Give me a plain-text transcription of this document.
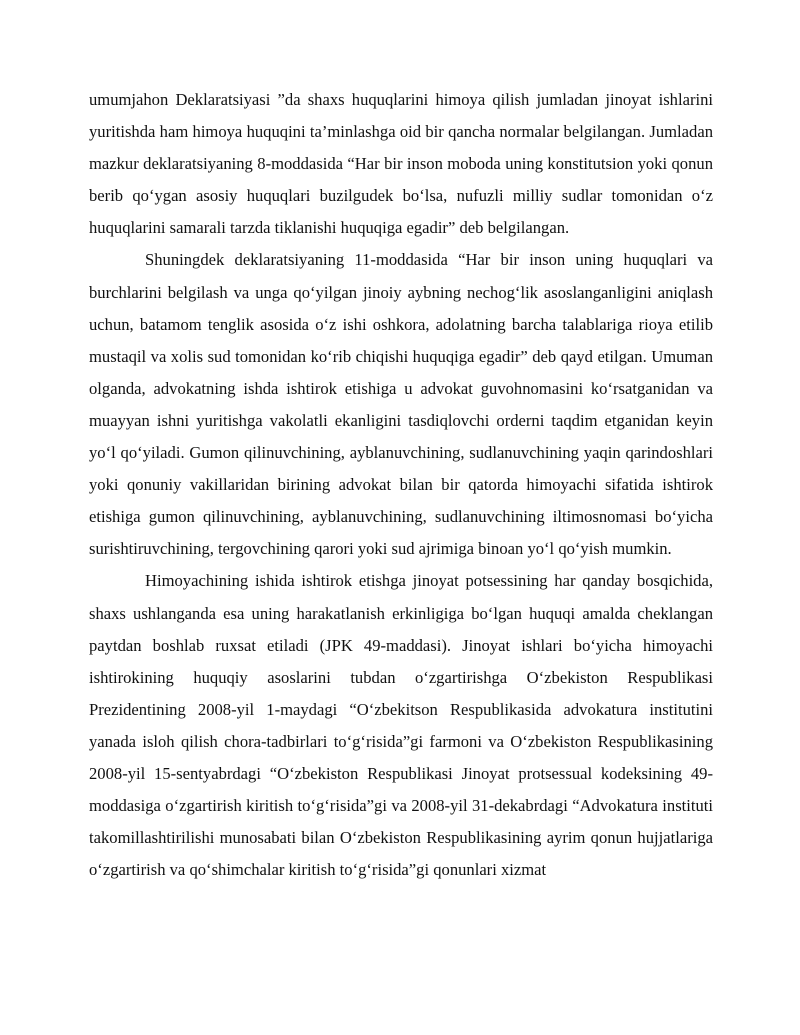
umumjahon Deklaratsiyasi ”da shaxs huquqlarini himoya qilish jumladan jinoyat ishlarini yuritishda ham himoya huquqini ta’minlashga oid bir qancha normalar belgilangan. Jumladan mazkur deklaratsiyaning 8-moddasida “Har bir inson moboda uning konstitutsion yoki qonun berib qo‘ygan asosiy huquqlari buzilgudek bo‘lsa, nufuzli milliy sudlar tomonidan o‘z huquqlarini samarali tarzda tiklanishi huquqiga egadir” deb belgilangan.

Shuningdek deklaratsiyaning 11-moddasida “Har bir inson uning huquqlari va burchlarini belgilash va unga qo‘yilgan jinoiy aybning nechog‘lik asoslanganligini aniqlash uchun, batamom tenglik asosida o‘z ishi oshkora, adolatning barcha talablariga rioya etilib mustaqil va xolis sud tomonidan ko‘rib chiqishi huquqiga egadir” deb qayd etilgan. Umuman olganda, advokatning ishda ishtirok etishiga u advokat guvohnomasini ko‘rsatganidan va muayyan ishni yuritishga vakolatli ekanligini tasdiqlovchi orderni taqdim etganidan keyin yo‘l qo‘yiladi. Gumon qilinuvchining, ayblanuvchining, sudlanuvchining yaqin qarindoshlari yoki qonuniy vakillaridan birining advokat bilan bir qatorda himoyachi sifatida ishtirok etishiga gumon qilinuvchining, ayblanuvchining, sudlanuvchining iltimosnomasi bo‘yicha surishtiruvchining, tergovchining qarori yoki sud ajrimiga binoan yo‘l qo‘yish mumkin.

Himoyachining ishida ishtirok etishga jinoyat potsessining har qanday bosqichida, shaxs ushlanganda esa uning harakatlanish erkinligiga bo‘lgan huquqi amalda cheklangan paytdan boshlab ruxsat etiladi (JPK 49-maddasi). Jinoyat ishlari bo‘yicha himoyachi ishtirokining huquqiy asoslarini tubdan o‘zgartirishga O‘zbekiston Respublikasi Prezidentining 2008-yil 1-maydagi “O‘zbekitson Respublikasida advokatura institutini yanada isloh qilish chora-tadbirlari to‘g‘risida”gi farmoni va O‘zbekiston Respublikasining 2008-yil 15-sentyabrdagi “O‘zbekiston Respublikasi Jinoyat protsessual kodeksining 49-moddasiga o‘zgartirish kiritish to‘g‘risida”gi va 2008-yil 31-dekabrdagi “Advokatura instituti takomillashtirilishi munosabati bilan O‘zbekiston Respublikasining ayrim qonun hujjatlariga o‘zgartirish va qo‘shimchalar kiritish to‘g‘risida”gi qonunlari xizmat
